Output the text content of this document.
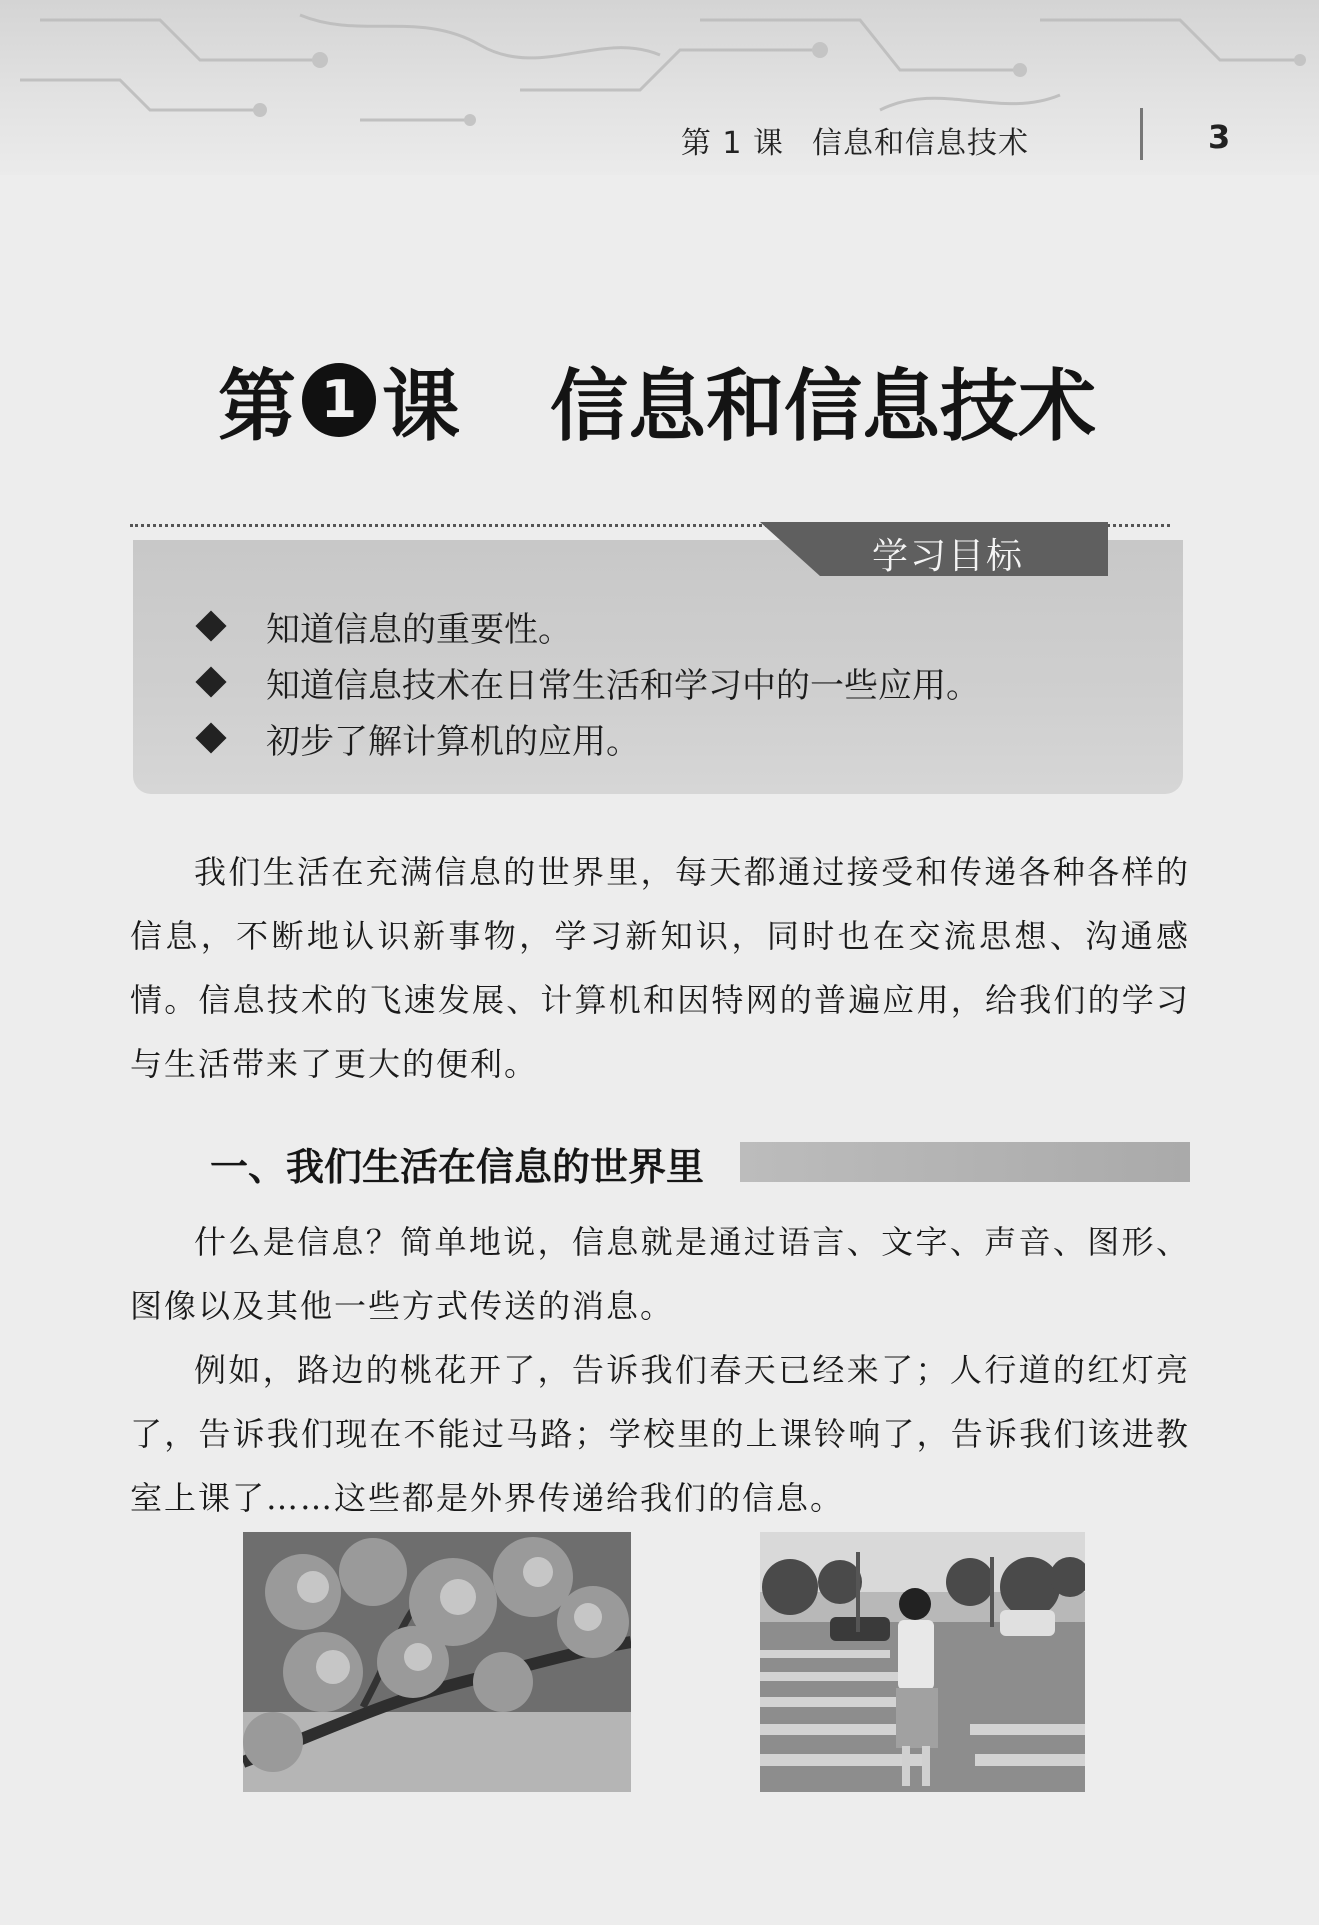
第 1 课 信息和信息技术	3
第 1 课 信息和信息技术
学习目标
知道信息的重要性。
知道信息技术在日常生活和学习中的一些应用。
初步了解计算机的应用。

我们生活在充满信息的世界里，每天都通过接受和传递各种各样的信息，不断地认识新事物，学习新知识，同时也在交流思想、沟通感情。信息技术的飞速发展、计算机和因特网的普遍应用，给我们的学习与生活带来了更大的便利。

一、我们生活在信息的世界里

什么是信息？简单地说，信息就是通过语言、文字、声音、图形、图像以及其他一些方式传送的消息。

例如，路边的桃花开了，告诉我们春天已经来了；人行道的红灯亮了，告诉我们现在不能过马路；学校里的上课铃响了，告诉我们该进教室上课了……这些都是外界传递给我们的信息。
